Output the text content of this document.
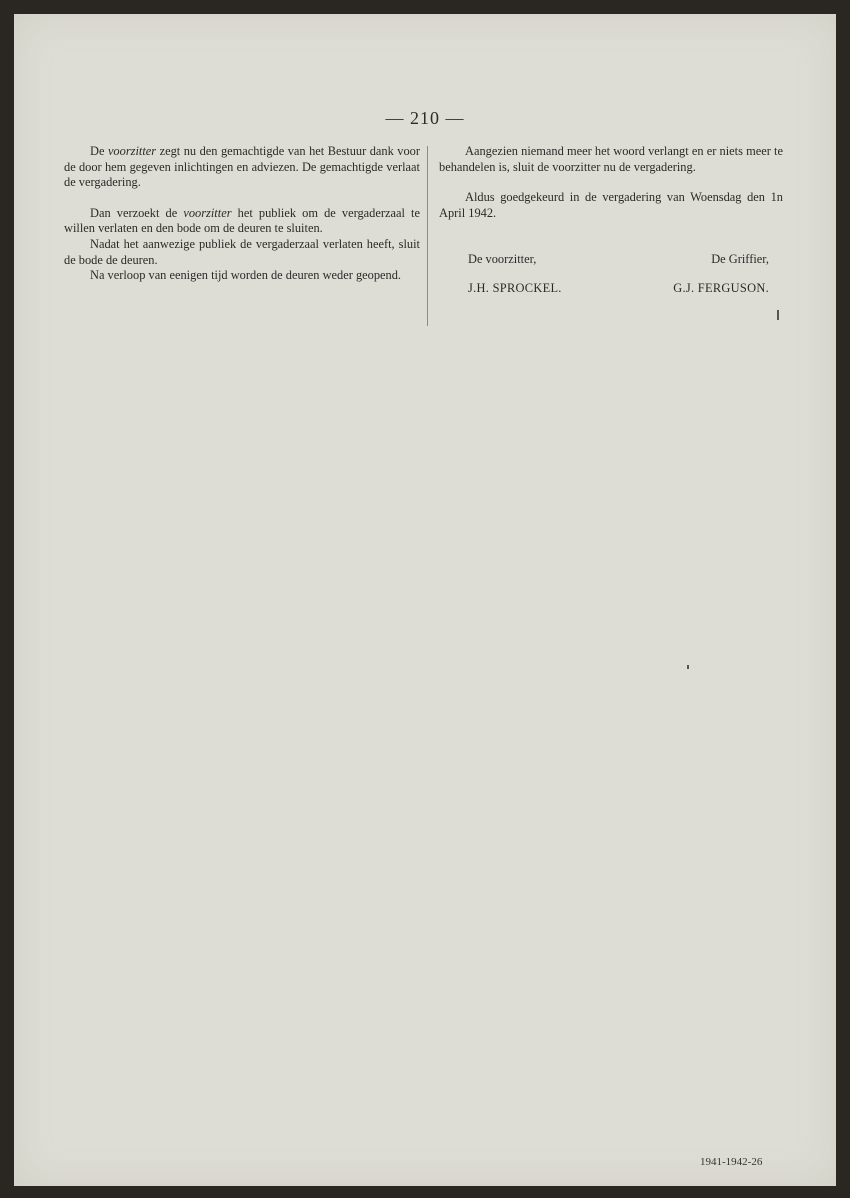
— 210 —

De voorzitter zegt nu den gemachtigde van het Bestuur dank voor de door hem gegeven inlichtingen en adviezen. De gemachtigde verlaat de vergadering.

Dan verzoekt de voorzitter het publiek om de vergaderzaal te willen verlaten en den bode om de deuren te sluiten.

Nadat het aanwezige publiek de vergaderzaal verlaten heeft, sluit de bode de deuren.

Na verloop van eenigen tijd worden de deuren weder geopend.

Aangezien niemand meer het woord verlangt en er niets meer te behandelen is, sluit de voorzitter nu de vergadering.

Aldus goedgekeurd in de vergadering van Woensdag den 1n April 1942.

De voorzitter,	De Griffier,
J.H. SPROCKEL.	G.J. FERGUSON.
1941-1942-26
